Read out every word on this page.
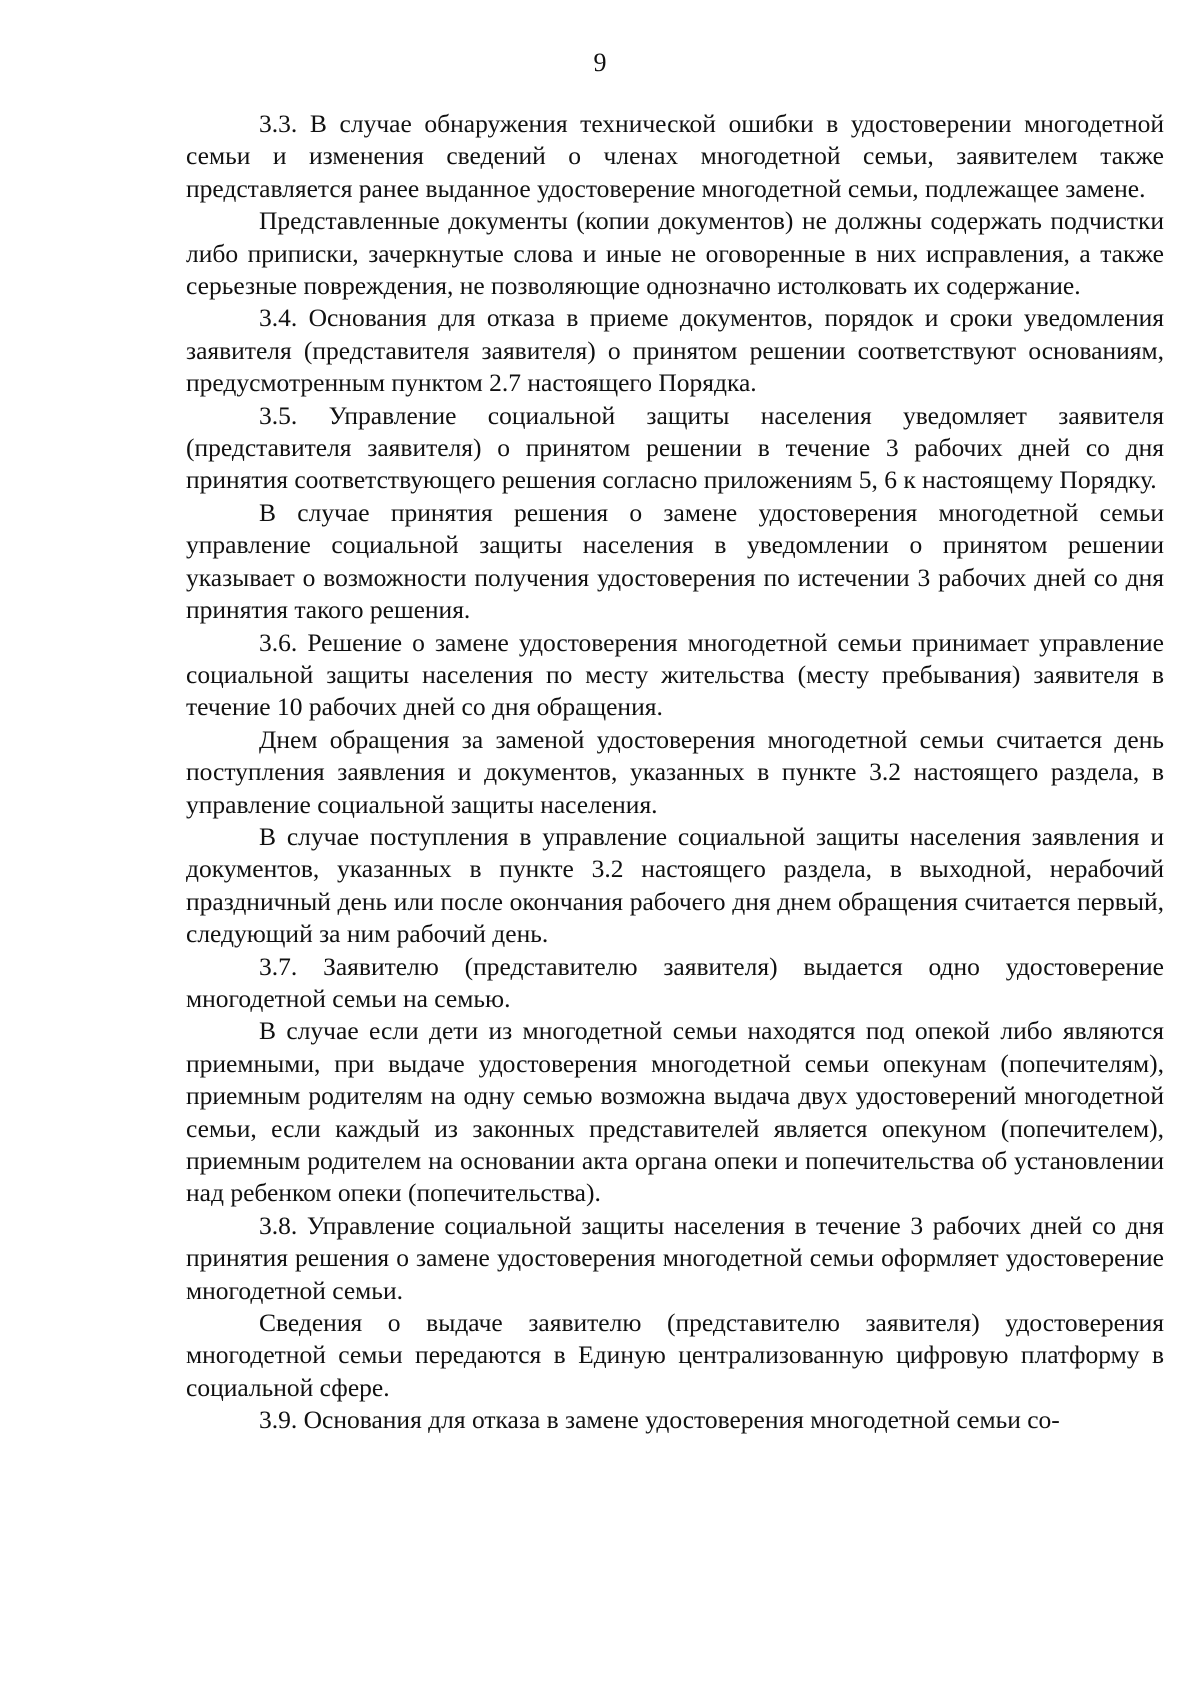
9

3.3. В случае обнаружения технической ошибки в удостоверении многодетной семьи и изменения сведений о членах многодетной семьи, заявителем также представляется ранее выданное удостоверение многодетной семьи, подлежащее замене.

Представленные документы (копии документов) не должны содержать подчистки либо приписки, зачеркнутые слова и иные не оговоренные в них исправления, а также серьезные повреждения, не позволяющие однозначно истолковать их содержание.

3.4. Основания для отказа в приеме документов, порядок и сроки уведомления заявителя (представителя заявителя) о принятом решении соответствуют основаниям, предусмотренным пунктом 2.7 настоящего Порядка.

3.5. Управление социальной защиты населения уведомляет заявителя (представителя заявителя) о принятом решении в течение 3 рабочих дней со дня принятия соответствующего решения согласно приложениям 5, 6 к настоящему Порядку.

В случае принятия решения о замене удостоверения многодетной семьи управление социальной защиты населения в уведомлении о принятом решении указывает о возможности получения удостоверения по истечении 3 рабочих дней со дня принятия такого решения.

3.6. Решение о замене удостоверения многодетной семьи принимает управление социальной защиты населения по месту жительства (месту пребывания) заявителя в течение 10 рабочих дней со дня обращения.

Днем обращения за заменой удостоверения многодетной семьи считается день поступления заявления и документов, указанных в пункте 3.2 настоящего раздела, в управление социальной защиты населения.

В случае поступления в управление социальной защиты населения заявления и документов, указанных в пункте 3.2 настоящего раздела, в выходной, нерабочий праздничный день или после окончания рабочего дня днем обращения считается первый, следующий за ним рабочий день.

3.7. Заявителю (представителю заявителя) выдается одно удостоверение многодетной семьи на семью.

В случае если дети из многодетной семьи находятся под опекой либо являются приемными, при выдаче удостоверения многодетной семьи опекунам (попечителям), приемным родителям на одну семью возможна выдача двух удостоверений многодетной семьи, если каждый из законных представителей является опекуном (попечителем), приемным родителем на основании акта органа опеки и попечительства об установлении над ребенком опеки (попечительства).

3.8. Управление социальной защиты населения в течение 3 рабочих дней со дня принятия решения о замене удостоверения многодетной семьи оформляет удостоверение многодетной семьи.

Сведения о выдаче заявителю (представителю заявителя) удостоверения многодетной семьи передаются в Единую централизованную цифровую платформу в социальной сфере.

3.9. Основания для отказа в замене удостоверения многодетной семьи со-
